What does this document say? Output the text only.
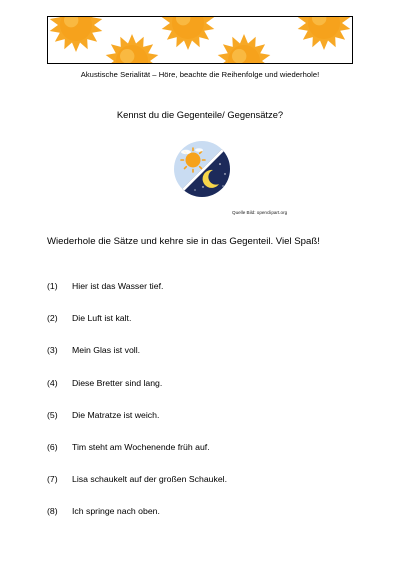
Akustische Serialität – Höre, beachte die Reihenfolge und wiederhole!
Kennst du die Gegenteile/ Gegensätze?
Quelle Bild: openclipart.org
Wiederhole die Sätze und kehre sie in das Gegenteil. Viel Spaß!
(1) Hier ist das Wasser tief.
(2) Die Luft ist kalt.
(3) Mein Glas ist voll.
(4) Diese Bretter sind lang.
(5) Die Matratze ist weich.
(6) Tim steht am Wochenende früh auf.
(7) Lisa schaukelt auf der großen Schaukel.
(8) Ich springe nach oben.
